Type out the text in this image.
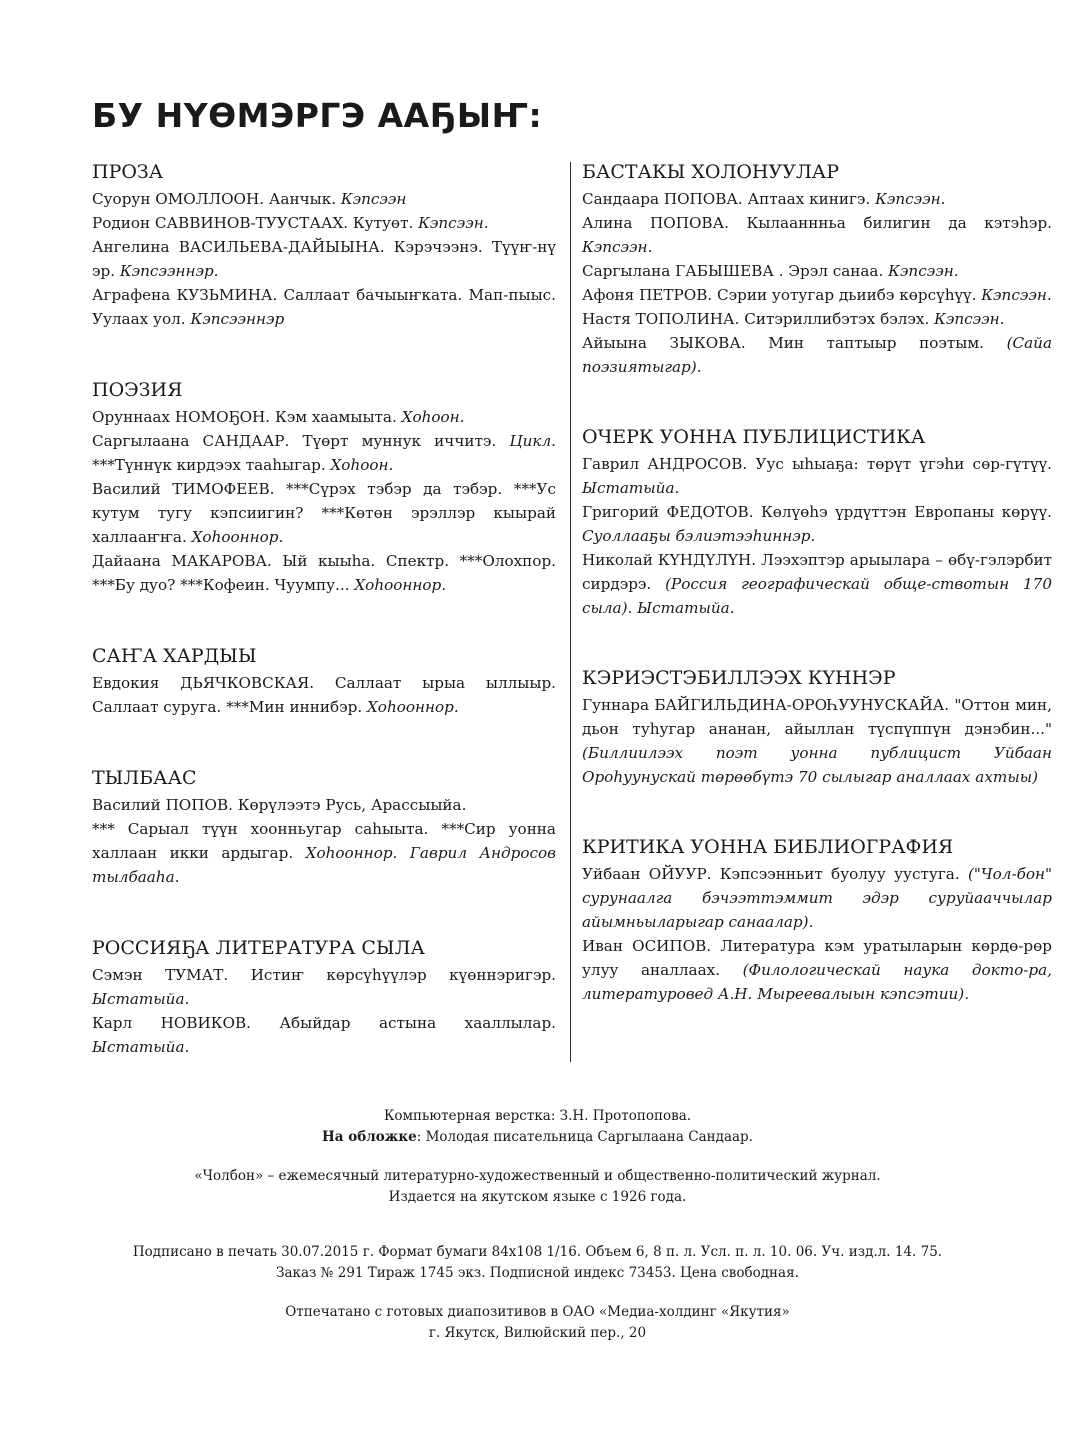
БУ НҮӨМЭРГЭ ААҔЫҤ:
ПРОЗА

Суорун ОМОЛЛООН. Аанчык. Кэпсээн

Родион САВВИНОВ-ТУУСТААХ. Кутуөт. Кэпсээн.

Ангелина ВАСИЛЬЕВА-ДАЙЫЫНА. Кэрэчээнэ. Түүҥ-нү эр. Кэпсээннэр.

Аграфена КУЗЬМИНА. Саллаат бачыыҥката. Мап-пыыс. Уулаах уол. Кэпсээннэр

ПОЭЗИЯ

Оруннаах НОМОҔОН. Кэм хаамыыта. Хоһоон.

Саргылаана САНДААР. Түөрт муннук иччитэ. Цикл. ***Түннүк кирдээх тааһыгар. Хоһоон.

Василий ТИМОФЕЕВ. ***Сүрэх тэбэр да тэбэр. ***Ус кутум тугу кэпсиигин? ***Көтөн эрэллэр кыырай халлааҥҥа. Хоһооннор.

Дайаана МАКАРОВА. Ый кыыһа. Спектр. ***Олохпор. ***Бу дуо? ***Кофеин. Чуумпу... Хоһооннор.

САҤА ХАРДЫЫ

Евдокия ДЬЯЧКОВСКАЯ. Саллаат ырыа ыллыыр. Саллаат суруга. ***Мин иннибэр. Хоһооннор.

ТЫЛБААС

Василий ПОПОВ. Көрүлээтэ Русь, Арассыыйа.

*** Сарыал түүн хоонньугар саһыыта. ***Сир уонна халлаан икки ардыгар. Хоһооннор. Гаврил Андросов тылбааһа.

РОССИЯҔА ЛИТЕРАТУРА СЫЛА

Сэмэн ТУМАТ. Истиҥ көрсүһүүлэр күөннэригэр. Ыстатыйа.

Карл НОВИКОВ. Абыйдар астына хааллылар. Ыстатыйа.

БАСТАКЫ ХОЛОНУУЛАР

Сандаара ПОПОВА. Аптаах кинигэ. Кэпсээн.

Алина ПОПОВА. Кылааннньа билигин да кэтэһэр. Кэпсээн.

Саргылана ГАБЫШЕВА . Эрэл санаа. Кэпсээн.

Афоня ПЕТРОВ. Сэрии уотугар дьиибэ көрсүһүү. Кэпсээн.

Настя ТОПОЛИНА. Ситэриллибэтэх бэлэх. Кэпсээн.

Айыына ЗЫКОВА. Мин таптыыр поэтым. (Сайа поэзиятыгар).

ОЧЕРК УОННА ПУБЛИЦИСТИКА

Гаврил АНДРОСОВ. Уус ыһыаҕа: төрүт үгэһи сөр-гүтүү. Ыстатыйа.

Григорий ФЕДОТОВ. Көлүөһэ үрдүттэн Европаны көрүү. Суоллааҕы бэлиэтээһиннэр.

Николай КҮНДҮЛҮН. Лээхэптэр арыылара – өбү-гэлэрбит сирдэрэ. (Россия географическай обще-ствотын 170 сыла). Ыстатыйа.

КЭРИЭСТЭБИЛЛЭЭХ КҮННЭР

Гуннара БАЙГИЛЬДИНА-ОРОҺУУНУСКАЙА. "Оттон мин, дьон туһугар ананан, айыллан түспүппүн дэнэбин..." (Биллиилээх поэт уонна публицист Уйбаан Ороһуунускай төрөөбүтэ 70 сылыгар аналлаах ахтыы)

КРИТИКА УОННА БИБЛИОГРАФИЯ

Уйбаан ОЙУУР. Кэпсээнньит буолуу уустуга. ("Чол-бон" сурунаалга бэчээттэммит эдэр суруйааччылар айымньыларыгар санаалар).

Иван ОСИПОВ. Литература кэм уратыларын көрдө-рөр улуу аналлаах. (Филологическай наука докто-ра, литературовед А.Н. Мыреевалыын кэпсэтии).

Компьютерная верстка: З.Н. Протопопова.

На обложке: Молодая писательница Саргылаана Сандаар.

«Чолбон» – ежемесячный литературно-художественный и общественно-политический журнал.

Издается на якутском языке с 1926 года.

Подписано в печать 30.07.2015 г. Формат бумаги 84х108 1/16. Объем 6, 8 п. л. Усл. п. л. 10. 06. Уч. изд.л. 14. 75.

Заказ № 291 Тираж 1745 экз. Подписной индекс 73453. Цена свободная.

Отпечатано с готовых диапозитивов в ОАО «Медиа-холдинг «Якутия»

г. Якутск, Вилюйский пер., 20
